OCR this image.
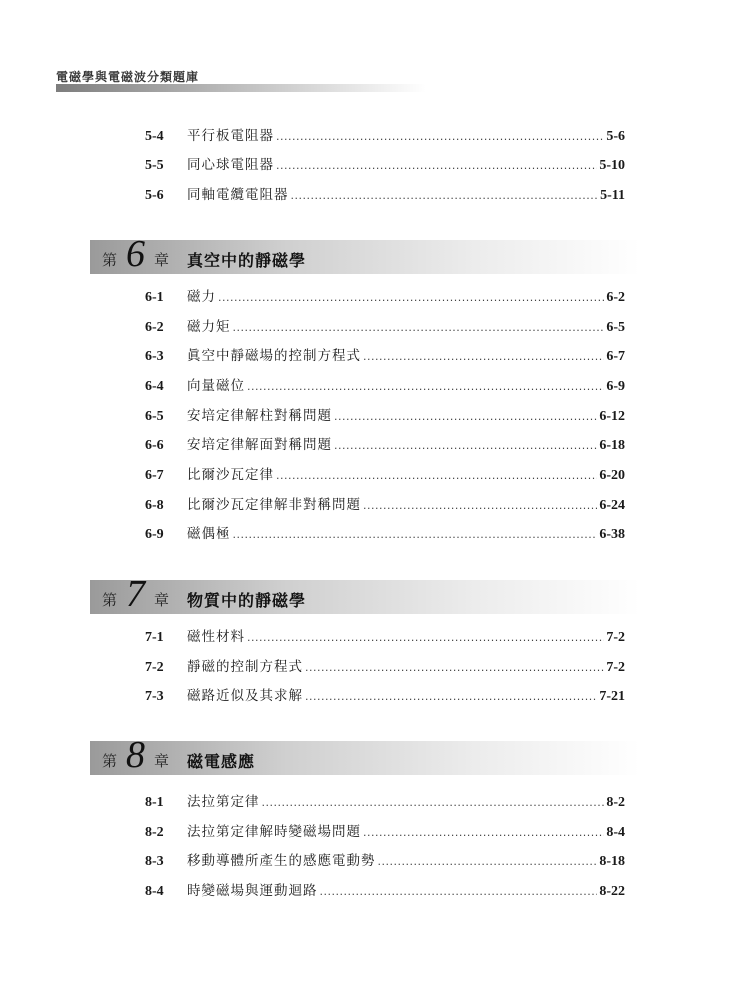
電磁學與電磁波分類題庫
5-4	平行板電阻器 .....	5-6
5-5	同心球電阻器 .....	5-10
5-6	同軸電纜電阻器 .....	5-11
第 6 章 真空中的靜磁學
6-1	磁力 .....	6-2
6-2	磁力矩 .....	6-5
6-3	眞空中靜磁場的控制方程式 .....	6-7
6-4	向量磁位 .....	6-9
6-5	安培定律解柱對稱問題 .....	6-12
6-6	安培定律解面對稱問題 .....	6-18
6-7	比爾沙瓦定律 .....	6-20
6-8	比爾沙瓦定律解非對稱問題 .....	6-24
6-9	磁偶極 .....	6-38
第 7 章 物質中的靜磁學
7-1	磁性材料 .....	7-2
7-2	靜磁的控制方程式 .....	7-2
7-3	磁路近似及其求解 .....	7-21
第 8 章 磁電感應
8-1	法拉第定律 .....	8-2
8-2	法拉第定律解時變磁場問題 .....	8-4
8-3	移動導體所產生的感應電動勢 .....	8-18
8-4	時變磁場與運動迴路 .....	8-22
